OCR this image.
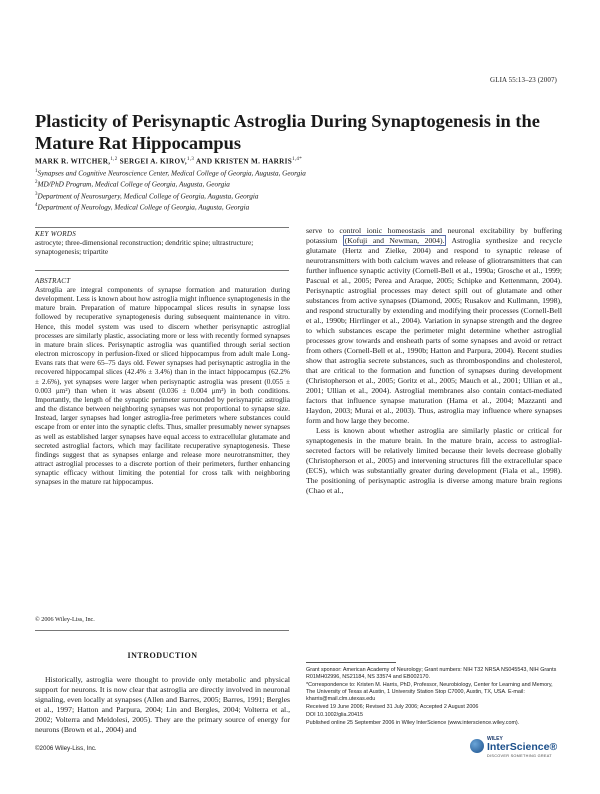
GLIA 55:13–23 (2007)
Plasticity of Perisynaptic Astroglia During Synaptogenesis in the Mature Rat Hippocampus
MARK R. WITCHER,$^{1,2}$ SERGEI A. KIROV,$^{1,3}$ AND KRISTEN M. $HARRIS^{1,4*}$
$^1$Synapses and Cognitive Neuroscience Center, Medical College of Georgia, Augusta, Georgia
$^2$MD/PhD Program, Medical College of Georgia, Augusta, Georgia
$^3$Department of Neurosurgery, Medical College of Georgia, Augusta, Georgia
$^4$Department of Neurology, Medical College of Georgia, Augusta, Georgia
KEY WORDS
astrocyte; three-dimensional reconstruction; dendritic spine; ultrastructure; synaptogenesis; tripartite
ABSTRACT
Astroglia are integral components of synapse formation and maturation during development. Less is known about how astroglia might influence synaptogenesis in the mature brain. Preparation of mature hippocampal slices results in synapse loss followed by recuperative synaptogenesis during subsequent maintenance in vitro. Hence, this model system was used to discern whether perisynaptic astroglial processes are similarly plastic, associating more or less with recently formed synapses in mature brain slices. Perisynaptic astroglia was quantified through serial section electron microscopy in perfusion-fixed or sliced hippocampus from adult male Long-Evans rats that were 65–75 days old. Fewer synapses had perisynaptic astroglia in the recovered hippocampal slices (42.4% ± 3.4%) than in the intact hippocampus (62.2% ± 2.6%), yet synapses were larger when perisynaptic astroglia was present (0.055 ± 0.003 μm²) than when it was absent (0.036 ± 0.004 μm²) in both conditions. Importantly, the length of the synaptic perimeter surrounded by perisynaptic astroglia and the distance between neighboring synapses was not proportional to synapse size. Instead, larger synapses had longer astroglia-free perimeters where substances could escape from or enter into the synaptic clefts. Thus, smaller presumably newer synapses as well as established larger synapses have equal access to extracellular glutamate and secreted astroglial factors, which may facilitate recuperative synaptogenesis. These findings suggest that as synapses enlarge and release more neurotransmitter, they attract astroglial processes to a discrete portion of their perimeters, further enhancing synaptic efficacy without limiting the potential for cross talk with neighboring synapses in the mature rat hippocampus.
© 2006 Wiley-Liss, Inc.
INTRODUCTION
Historically, astroglia were thought to provide only metabolic and physical support for neurons. It is now clear that astroglia are directly involved in neuronal signaling, even locally at synapses (Allen and Barres, 2005; Barres, 1991; Bergles et al., 1997; Hatton and Parpura, 2004; Lin and Bergles, 2004; Volterra et al., 2002; Volterra and Meldolesi, 2005). They are the primary source of energy for neurons (Brown et al., 2004) and

serve to control ionic homeostasis and neuronal excitability by buffering potassium (Kofuji and Newman, 2004). Astroglia synthesize and recycle glutamate (Hertz and Zielke, 2004) and respond to synaptic release of neurotransmitters with both calcium waves and release of gliotransmitters that can further influence synaptic activity (Cornell-Bell et al., 1990a; Grosche et al., 1999; Pascual et al., 2005; Perea and Araque, 2005; Schipke and Kettenmann, 2004). Perisynaptic astroglial processes may detect spill out of glutamate and other substances from active synapses (Diamond, 2005; Rusakov and Kullmann, 1998), and respond structurally by extending and modifying their processes (Cornell-Bell et al., 1990b; Hirrlinger et al., 2004). Variation in synapse strength and the degree to which substances escape the perimeter might determine whether astroglial processes grow towards and ensheath parts of some synapses and avoid or retract from others (Cornell-Bell et al., 1990b; Hatton and Parpura, 2004). Recent studies show that astroglia secrete substances, such as thrombospondins and cholesterol, that are critical to the formation and function of synapses during development (Christopherson et al., 2005; Goritz et al., 2005; Mauch et al., 2001; Ullian et al., 2001; Ullian et al., 2004). Astroglial membranes also contain contact-mediated factors that influence synapse maturation (Hama et al., 2004; Mazzanti and Haydon, 2003; Murai et al., 2003). Thus, astroglia may influence where synapses form and how large they become.

Less is known about whether astroglia are similarly plastic or critical for synaptogenesis in the mature brain. In the mature brain, access to astroglial-secreted factors will be relatively limited because their levels decrease globally (Christopherson et al., 2005) and intervening structures fill the extracellular space (ECS), which was substantially greater during development (Fiala et al., 1998). The positioning of perisynaptic astroglia is diverse among mature brain regions (Chao et al.,

Grant sponsor: American Academy of Neurology; Grant numbers: NIH T32 NRSA NS045543, NIH Grants R01MH02996, NS21184, NS 33574 and EB002170.

*Correspondence to: Kristen M. Harris, PhD, Professor, Neurobiology, Center for Learning and Memory, The University of Texas at Austin, 1 University Station Stop C7000, Austin, TX, USA. E-mail: kharris@mail.clm.utexas.edu

Received 19 June 2006; Revised 31 July 2006; Accepted 2 August 2006

DOI 10.1002/glia.20415

Published online 25 September 2006 in Wiley InterScience (www.interscience.wiley.com).

©2006 Wiley-Liss, Inc.
WILEY
InterScience®
DISCOVER SOMETHING GREAT
